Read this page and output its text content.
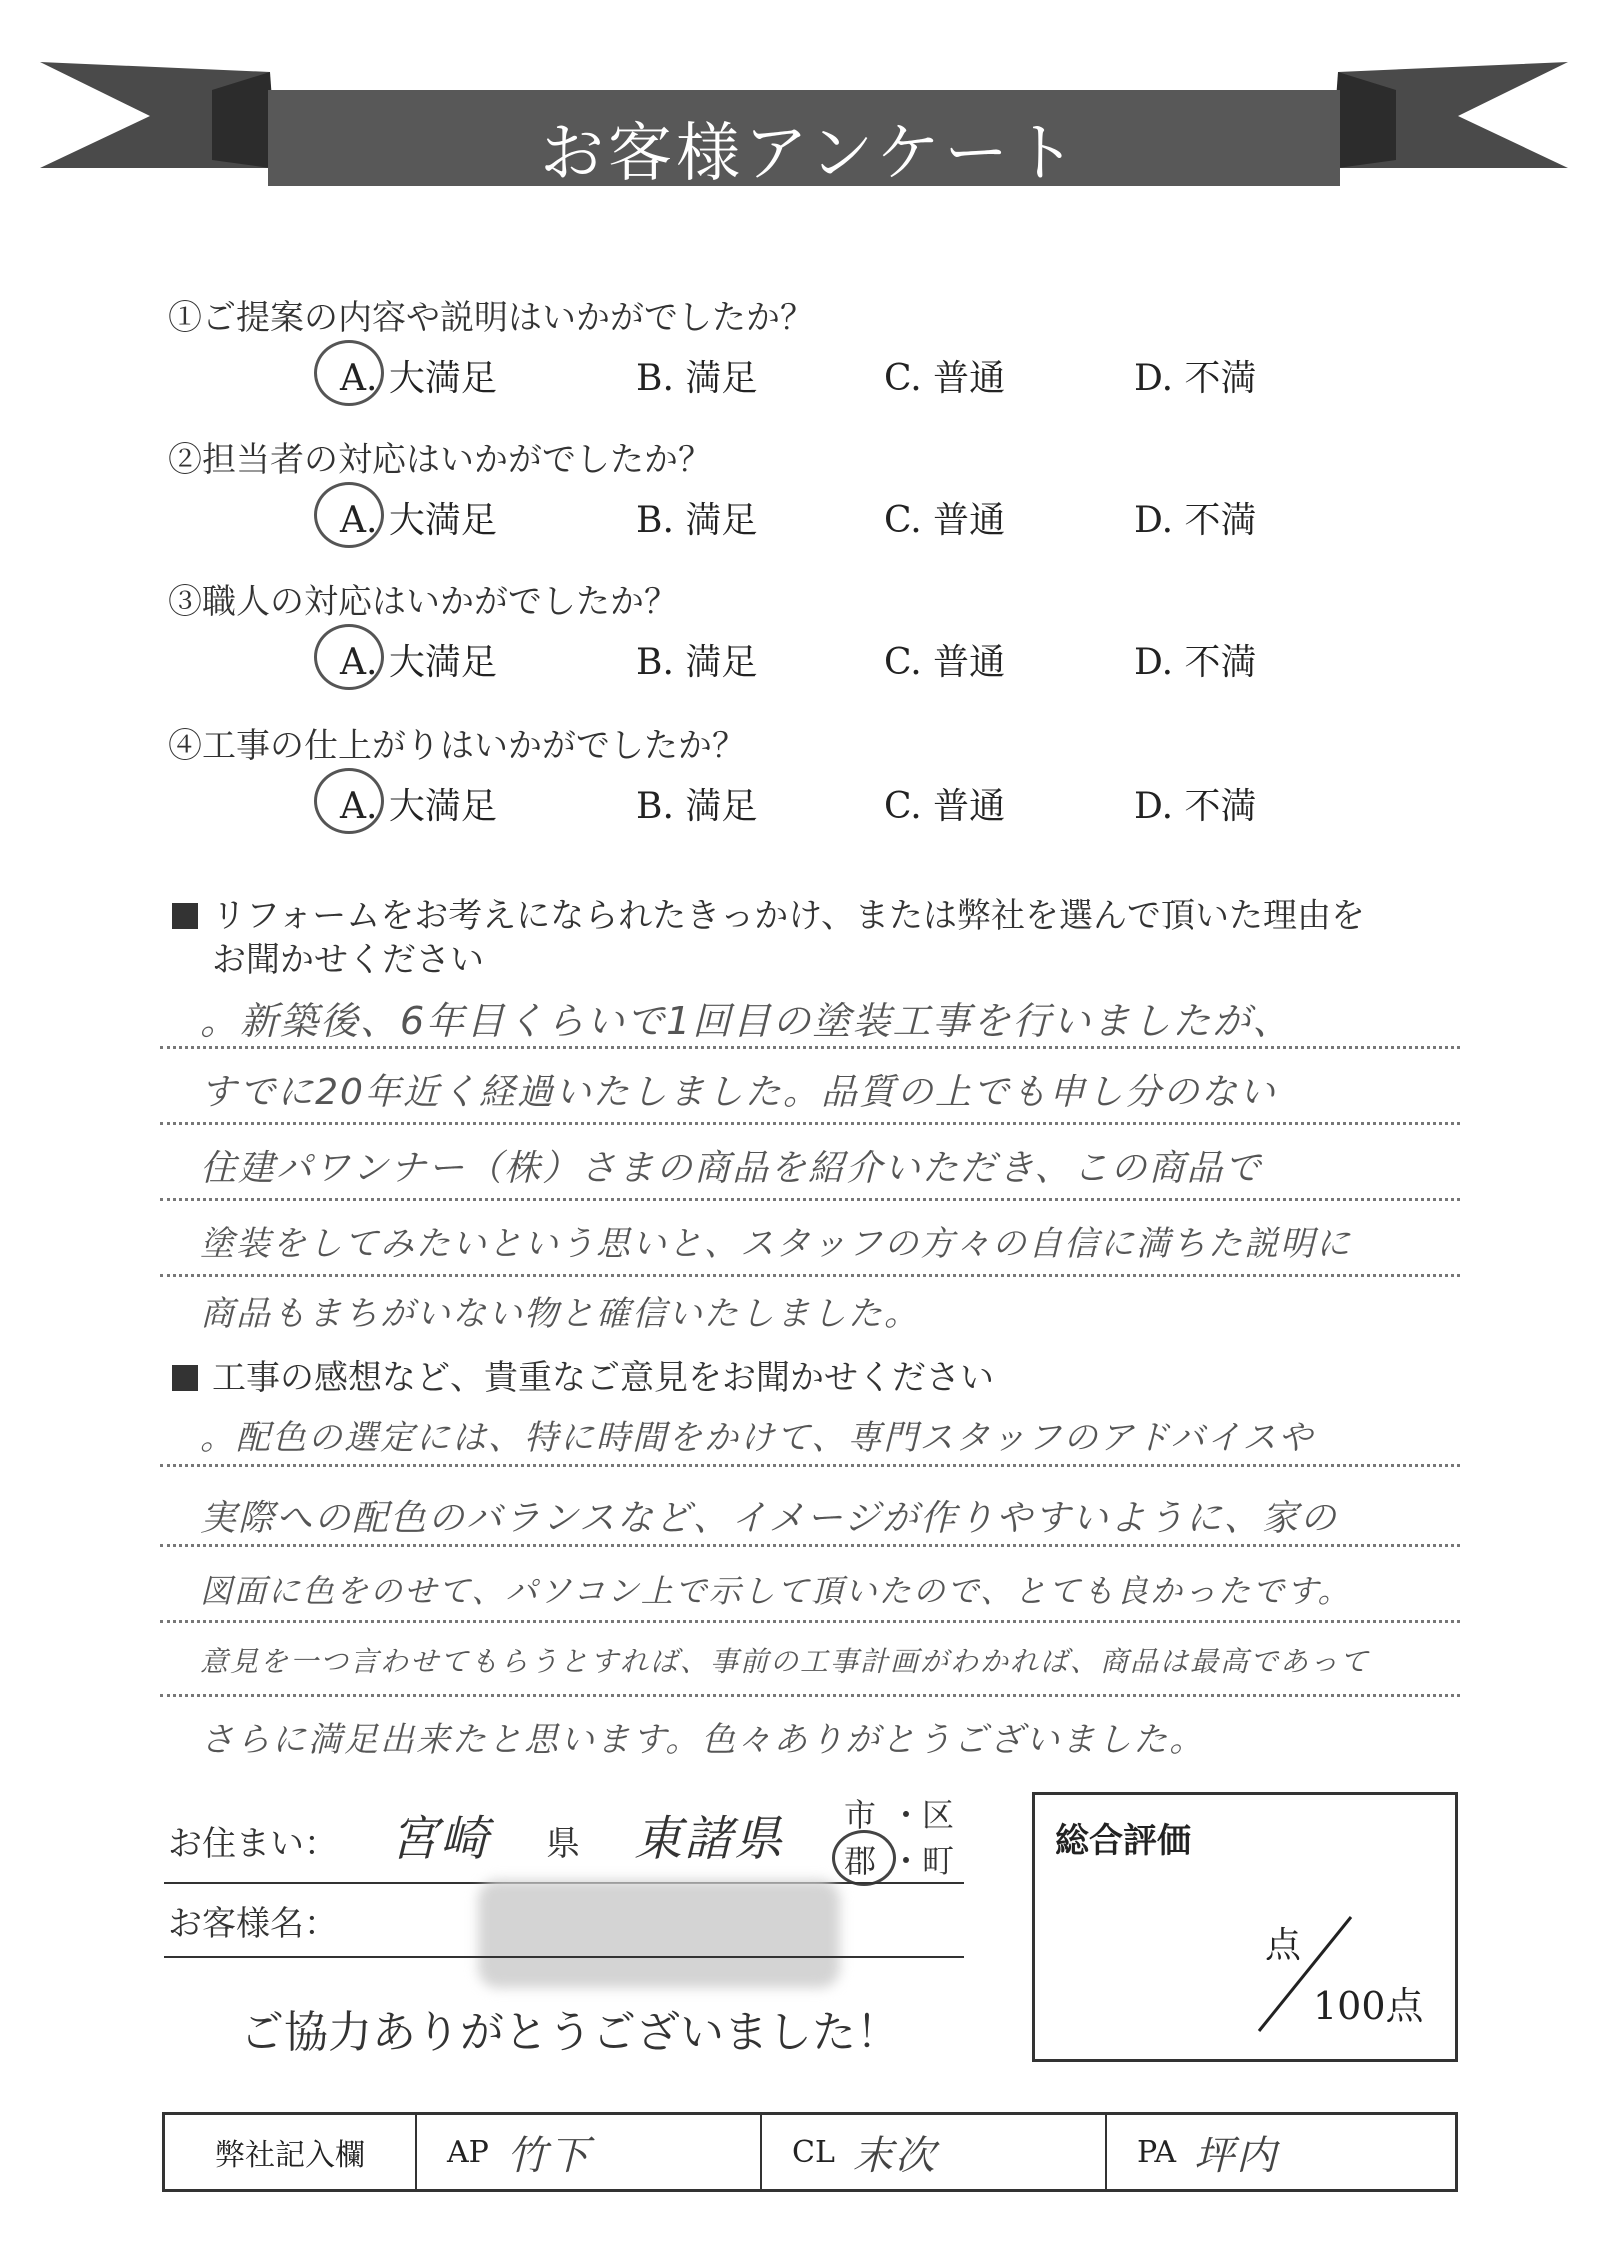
お客様アンケート
①ご提案の内容や説明はいかがでしたか？
A. 大満足	B. 満足	C. 普通	D. 不満
②担当者の対応はいかがでしたか？
A. 大満足	B. 満足	C. 普通	D. 不満
③職人の対応はいかがでしたか？
A. 大満足	B. 満足	C. 普通	D. 不満
④工事の仕上がりはいかがでしたか？
A. 大満足	B. 満足	C. 普通	D. 不満
リフォームをお考えになられたきっかけ、または弊社を選んで頂いた理由を
お聞かせください
。新築後、6年目くらいで1回目の塗装工事を行いましたが、
すでに20年近く経過いたしました。品質の上でも申し分のない
住建パワンナー（株）さまの商品を紹介いただき、この商品で
塗装をしてみたいという思いと、スタッフの方々の自信に満ちた説明に
商品もまちがいない物と確信いたしました。
工事の感想など、貴重なご意見をお聞かせください
。配色の選定には、特に時間をかけて、専門スタッフのアドバイスや
実際への配色のバランスなど、イメージが作りやすいように、家の
図面に色をのせて、パソコン上で示して頂いたので、とても良かったです。
意見を一つ言わせてもらうとすれば、事前の工事計画がわかれば、商品は最高であって
さらに満足出来たと思います。色々ありがとうございました。
お住まい： 宮崎 県 東諸県 市 ・ 区
郡 ・ 町
お客様名：
ご協力ありがとうございました！
総合評価
点
100点
弊社記入欄	AP 竹下	CL 末次	PA 坪内
